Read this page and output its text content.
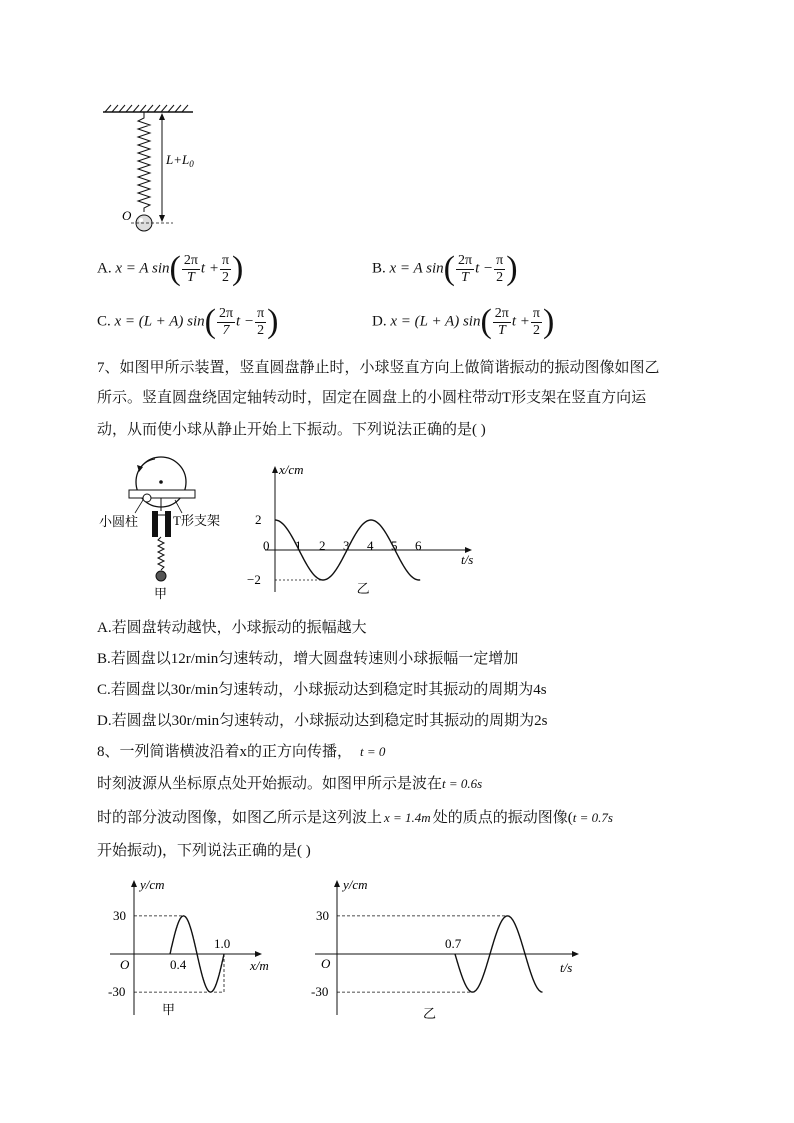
$L+L_0$
O
A. x = A $\sin( \frac{2\pi}{T}$ $t + \frac{\pi}{2}$ )	B. x = A $\sin( \frac{2\pi}{T}$ $t - \frac{\pi}{2}$ )
C. x = (L + A) $\sin( \frac{2\pi}{7}$ $t - \frac{\pi}{2}$ )	D. x = (L + A) $\sin( \frac{2\pi}{T}$ $t + \frac{\pi}{2}$ )
7、如图甲所示装置，竖直圆盘静止时，小球竖直方向上做简谐振动的振动图像如图乙
所示。竖直圆盘绕固定轴转动时，固定在圆盘上的小圆柱带动T形支架在竖直方向运
动，从而使小球从静止开始上下振动。下列说法正确的是( )
小圆柱	T形支架
甲
x/cm
t/s
0 1 2 3 4 5 6
2
−2
乙
A.若圆盘转动越快，小球振动的振幅越大
B.若圆盘以12r/min匀速转动，增大圆盘转速则小球振幅一定增加
C.若圆盘以30r/min匀速转动，小球振动达到稳定时其振动的周期为4s
D.若圆盘以30r/min匀速转动，小球振动达到稳定时其振动的周期为2s
8、一列简谐横波沿着x的正方向传播， t = 0
时刻波源从坐标原点处开始振动。如图甲所示是波在t = 0.6s
时的部分波动图像，如图乙所示是这列波上 x = 1.4m 处的质点的振动图像(t = 0.7s
开始振动)，下列说法正确的是( )
y/cm
x/m
O
30
-30
0.4
1.0
甲
y/cm
t/s
O
30
-30
0.7
乙
